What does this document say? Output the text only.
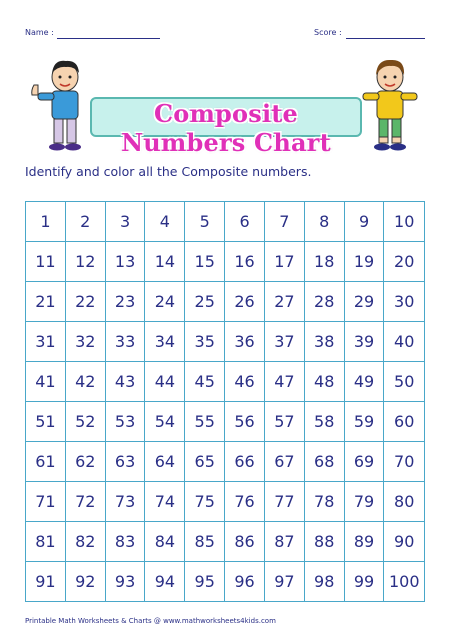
Name :	Score :
Composite Numbers Chart
Identify and color all the Composite numbers.
1	2	3	4	5	6	7	8	9	10
11	12	13	14	15	16	17	18	19	20
21	22	23	24	25	26	27	28	29	30
31	32	33	34	35	36	37	38	39	40
41	42	43	44	45	46	47	48	49	50
51	52	53	54	55	56	57	58	59	60
61	62	63	64	65	66	67	68	69	70
71	72	73	74	75	76	77	78	79	80
81	82	83	84	85	86	87	88	89	90
91	92	93	94	95	96	97	98	99	100
Printable Math Worksheets & Charts @ www.mathworksheets4kids.com
